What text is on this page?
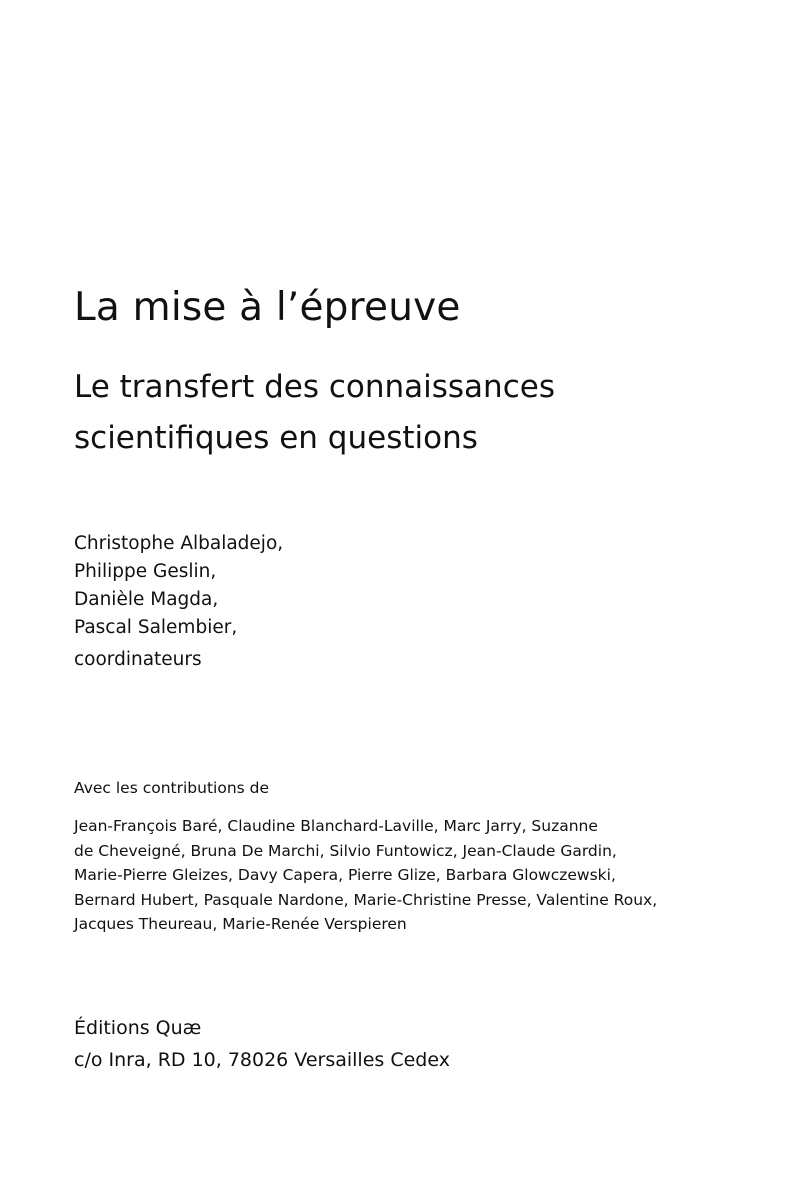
La mise à l’épreuve
Le transfert des connaissances
scientifiques en questions
Christophe Albaladejo,
Philippe Geslin,
Danièle Magda,
Pascal Salembier,

coordinateurs

Avec les contributions de

Jean-François Baré, Claudine Blanchard-Laville, Marc Jarry, Suzanne
de Cheveigné, Bruna De Marchi, Silvio Funtowicz, Jean-Claude Gardin,
Marie-Pierre Gleizes, Davy Capera, Pierre Glize, Barbara Glowczewski,
Bernard Hubert, Pasquale Nardone, Marie-Christine Presse, Valentine Roux,
Jacques Theureau, Marie-Renée Verspieren

Éditions Quæ
c/o Inra, RD 10, 78026 Versailles Cedex
